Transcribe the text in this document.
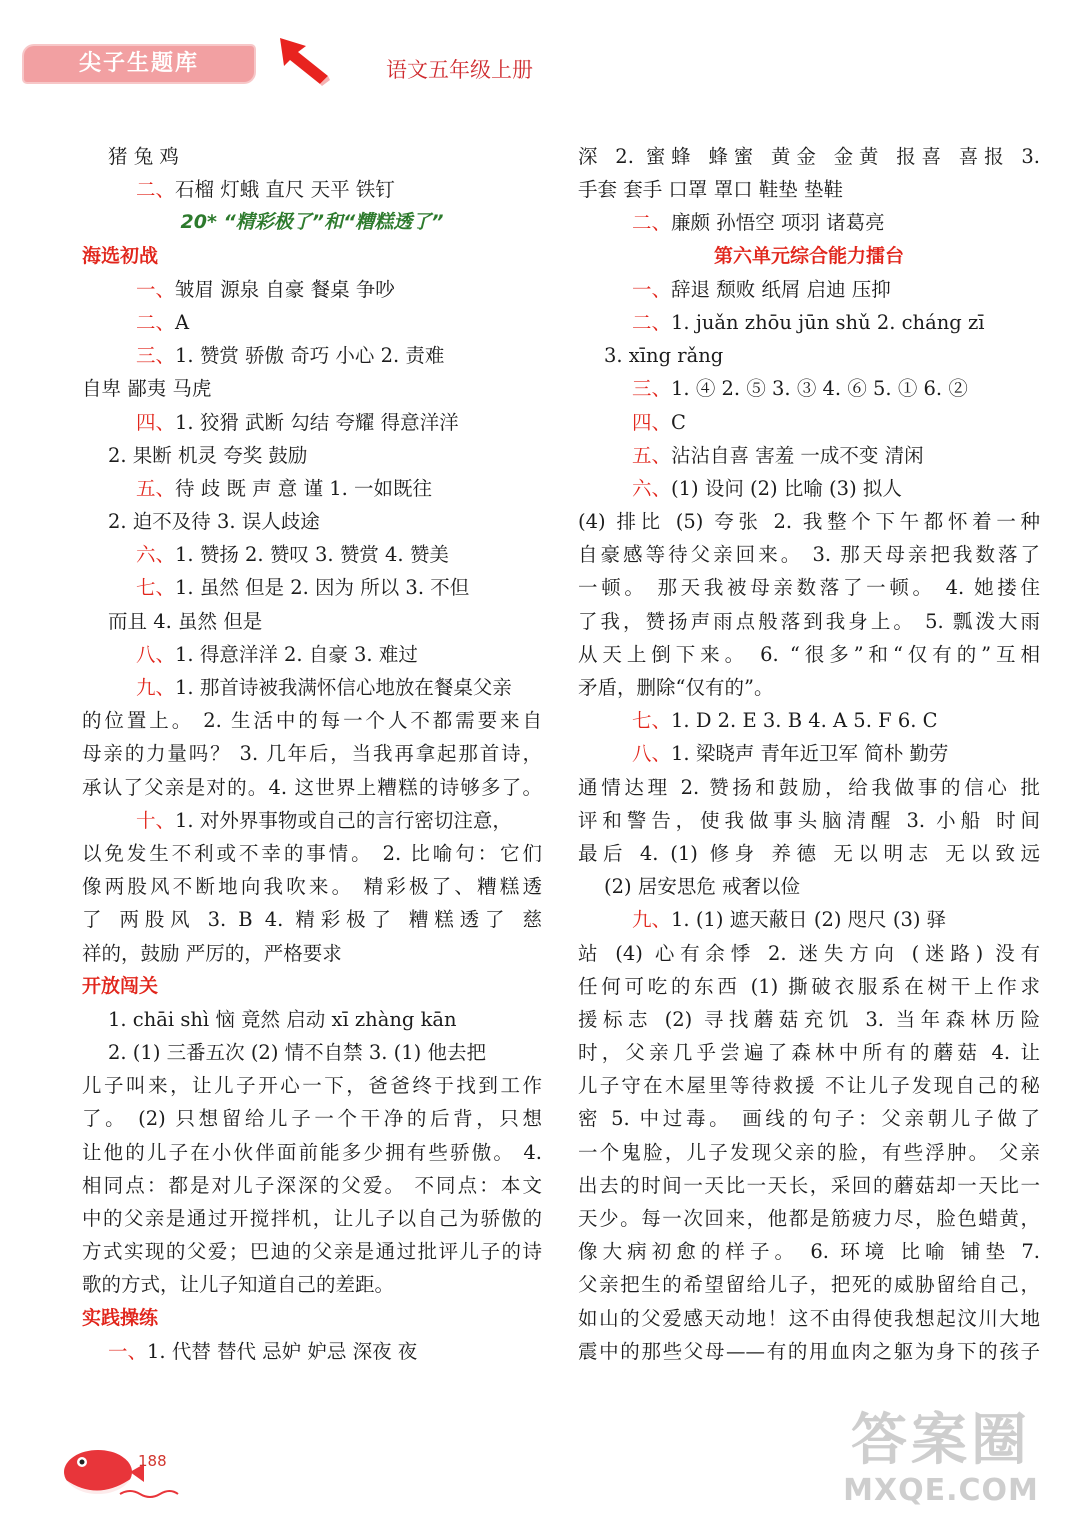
尖子生题库	语文五年级上册
猪 兔 鸡
二、石榴 灯蛾 直尺 天平 铁钉
20* “精彩极了”和“糟糕透了”
海选初战
一、皱眉 源泉 自豪 餐桌 争吵
二、A
三、1. 赞赏 骄傲 奇巧 小心 2. 责难
自卑 鄙夷 马虎
四、1. 狡猾 武断 勾结 夸耀 得意洋洋
2. 果断 机灵 夸奖 鼓励
五、待 歧 既 声 意 谨 1. 一如既往
2. 迫不及待 3. 误人歧途
六、1. 赞扬 2. 赞叹 3. 赞赏 4. 赞美
七、1. 虽然 但是 2. 因为 所以 3. 不但
而且 4. 虽然 但是
八、1. 得意洋洋 2. 自豪 3. 难过
九、1. 那首诗被我满怀信心地放在餐桌父亲
的位置上。 2. 生活中的每一个人不都需要来自
母亲的力量吗？ 3. 几年后，当我再拿起那首诗，
承认了父亲是对的。4. 这世界上糟糕的诗够多了。
十、1. 对外界事物或自己的言行密切注意，
以免发生不利或不幸的事情。 2. 比喻句：它们
像两股风不断地向我吹来。 精彩极了、糟糕透
了 两股风 3. B 4. 精彩极了 糟糕透了 慈
祥的，鼓励 严厉的，严格要求
开放闯关
1. chāi shì 恼 竟然 启动 xī zhàng kān
2. (1) 三番五次 (2) 情不自禁 3. (1) 他去把
儿子叫来，让儿子开心一下，爸爸终于找到工作
了。 (2) 只想留给儿子一个干净的后背，只想
让他的儿子在小伙伴面前能多少拥有些骄傲。 4.
相同点：都是对儿子深深的父爱。 不同点：本文
中的父亲是通过开搅拌机，让儿子以自己为骄傲的
方式实现的父爱；巴迪的父亲是通过批评儿子的诗
歌的方式，让儿子知道自己的差距。
实践操练
一、1. 代替 替代 忌妒 妒忌 深夜 夜
深 2. 蜜蜂 蜂蜜 黄金 金黄 报喜 喜报 3.
手套 套手 口罩 罩口 鞋垫 垫鞋
二、廉颇 孙悟空 项羽 诸葛亮
第六单元综合能力擂台
一、辞退 颓败 纸屑 启迪 压抑
二、1. juǎn zhōu jūn shǔ 2. cháng zī
3. xīng rǎng
三、1. ④ 2. ⑤ 3. ③ 4. ⑥ 5. ① 6. ②
四、C
五、沾沾自喜 害羞 一成不变 清闲
六、(1) 设问 (2) 比喻 (3) 拟人
(4) 排比 (5) 夸张 2. 我整个下午都怀着一种
自豪感等待父亲回来。 3. 那天母亲把我数落了
一顿。 那天我被母亲数落了一顿。 4. 她搂住
了我，赞扬声雨点般落到我身上。 5. 瓢泼大雨
从天上倒下来。 6. “很多”和“仅有的”互相
矛盾，删除“仅有的”。
七、1. D 2. E 3. B 4. A 5. F 6. C
八、1. 梁晓声 青年近卫军 简朴 勤劳
通情达理 2. 赞扬和鼓励，给我做事的信心 批
评和警告，使我做事头脑清醒 3. 小船 时间
最后 4. (1) 修身 养德 无以明志 无以致远
(2) 居安思危 戒奢以俭
九、1. (1) 遮天蔽日 (2) 咫尺 (3) 驿
站 (4) 心有余悸 2. 迷失方向 (迷路) 没有
任何可吃的东西 (1) 撕破衣服系在树干上作求
援标志 (2) 寻找蘑菇充饥 3. 当年森林历险
时，父亲几乎尝遍了森林中所有的蘑菇 4. 让
儿子守在木屋里等待救援 不让儿子发现自己的秘
密 5. 中过毒。 画线的句子：父亲朝儿子做了
一个鬼脸，儿子发现父亲的脸，有些浮肿。 父亲
出去的时间一天比一天长，采回的蘑菇却一天比一
天少。每一次回来，他都是筋疲力尽，脸色蜡黄，
像大病初愈的样子。 6. 环境 比喻 铺垫 7.
父亲把生的希望留给儿子，把死的威胁留给自己，
如山的父爱感天动地！这不由得使我想起汶川大地
震中的那些父母——有的用血肉之躯为身下的孩子
188	答案圈
MXQE.COM
